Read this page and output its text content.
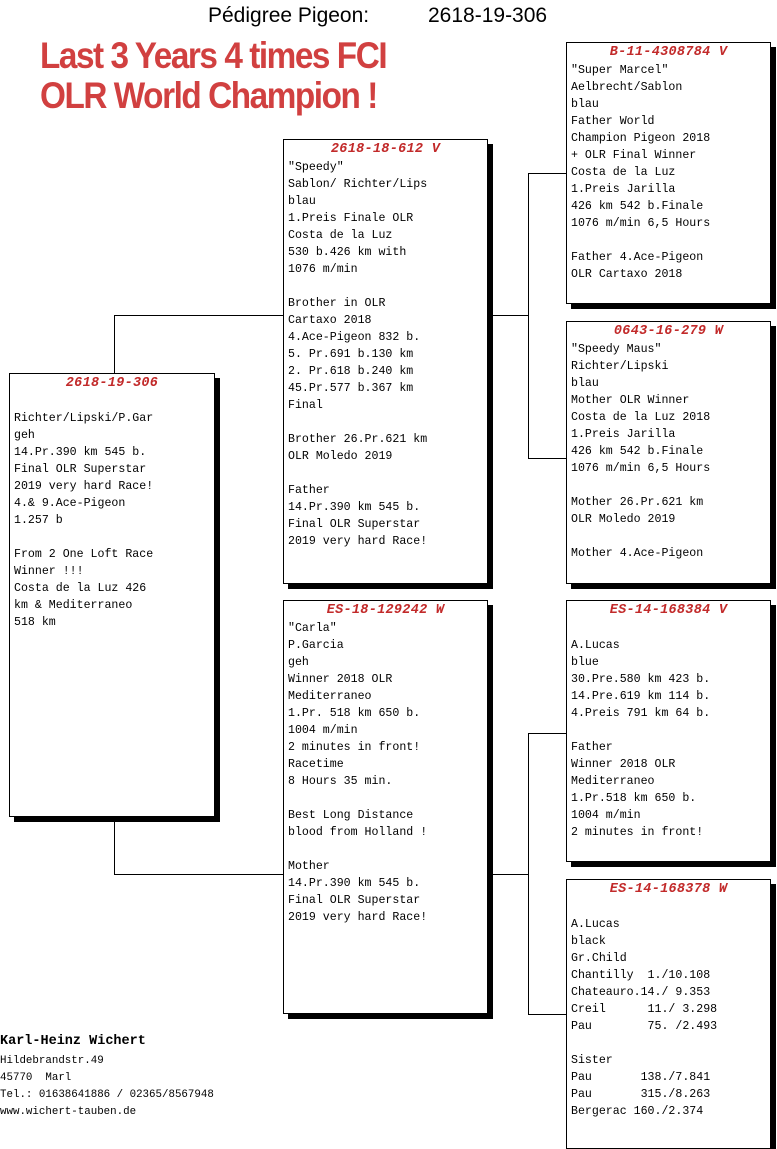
Pédigree Pigeon:	2618-19-306
Last 3 Years 4 times FCI
OLR World Champion !
2618-19-306
Richter/Lipski/P.Gar
geh
14.Pr.390 km 545 b.
Final OLR Superstar
2019 very hard Race!
4.& 9.Ace-Pigeon
1.257 b
From 2 One Loft Race
Winner !!!
Costa de la Luz 426
km & Mediterraneo
518 km
2618-18-612 V
"Speedy"
Sablon/ Richter/Lips
blau
1.Preis Finale OLR
Costa de la Luz
530 b.426 km with
1076 m/min
Brother in OLR
Cartaxo 2018
4.Ace-Pigeon 832 b.
5. Pr.691 b.130 km
2. Pr.618 b.240 km
45.Pr.577 b.367 km
Final
Brother 26.Pr.621 km
OLR Moledo 2019
Father
14.Pr.390 km 545 b.
Final OLR Superstar
2019 very hard Race!
ES-18-129242 W
"Carla"
P.Garcia
geh
Winner 2018 OLR
Mediterraneo
1.Pr. 518 km 650 b.
1004 m/min
2 minutes in front!
Racetime
8 Hours 35 min.
Best Long Distance
blood from Holland !
Mother
14.Pr.390 km 545 b.
Final OLR Superstar
2019 very hard Race!
B-11-4308784 V
"Super Marcel"
Aelbrecht/Sablon
blau
Father World
Champion Pigeon 2018
+ OLR Final Winner
Costa de la Luz
1.Preis Jarilla
426 km 542 b.Finale
1076 m/min 6,5 Hours
Father 4.Ace-Pigeon
OLR Cartaxo 2018
0643-16-279 W
"Speedy Maus"
Richter/Lipski
blau
Mother OLR Winner
Costa de la Luz 2018
1.Preis Jarilla
426 km 542 b.Finale
1076 m/min 6,5 Hours
Mother 26.Pr.621 km
OLR Moledo 2019
Mother 4.Ace-Pigeon
ES-14-168384 V
A.Lucas
blue
30.Pre.580 km 423 b.
14.Pre.619 km 114 b.
4.Preis 791 km 64 b.
Father
Winner 2018 OLR
Mediterraneo
1.Pr.518 km 650 b.
1004 m/min
2 minutes in front!
ES-14-168378 W
A.Lucas
black
Gr.Child
Chantilly  1./10.108
Chateauro.14./ 9.353
Creil      11./ 3.298
Pau        75. /2.493
Sister
Pau       138./7.841
Pau       315./8.263
Bergerac 160./2.374
Karl-Heinz Wichert
Hildebrandstr.49
45770  Marl
Tel.: 01638641886 / 02365/8567948
www.wichert-tauben.de
